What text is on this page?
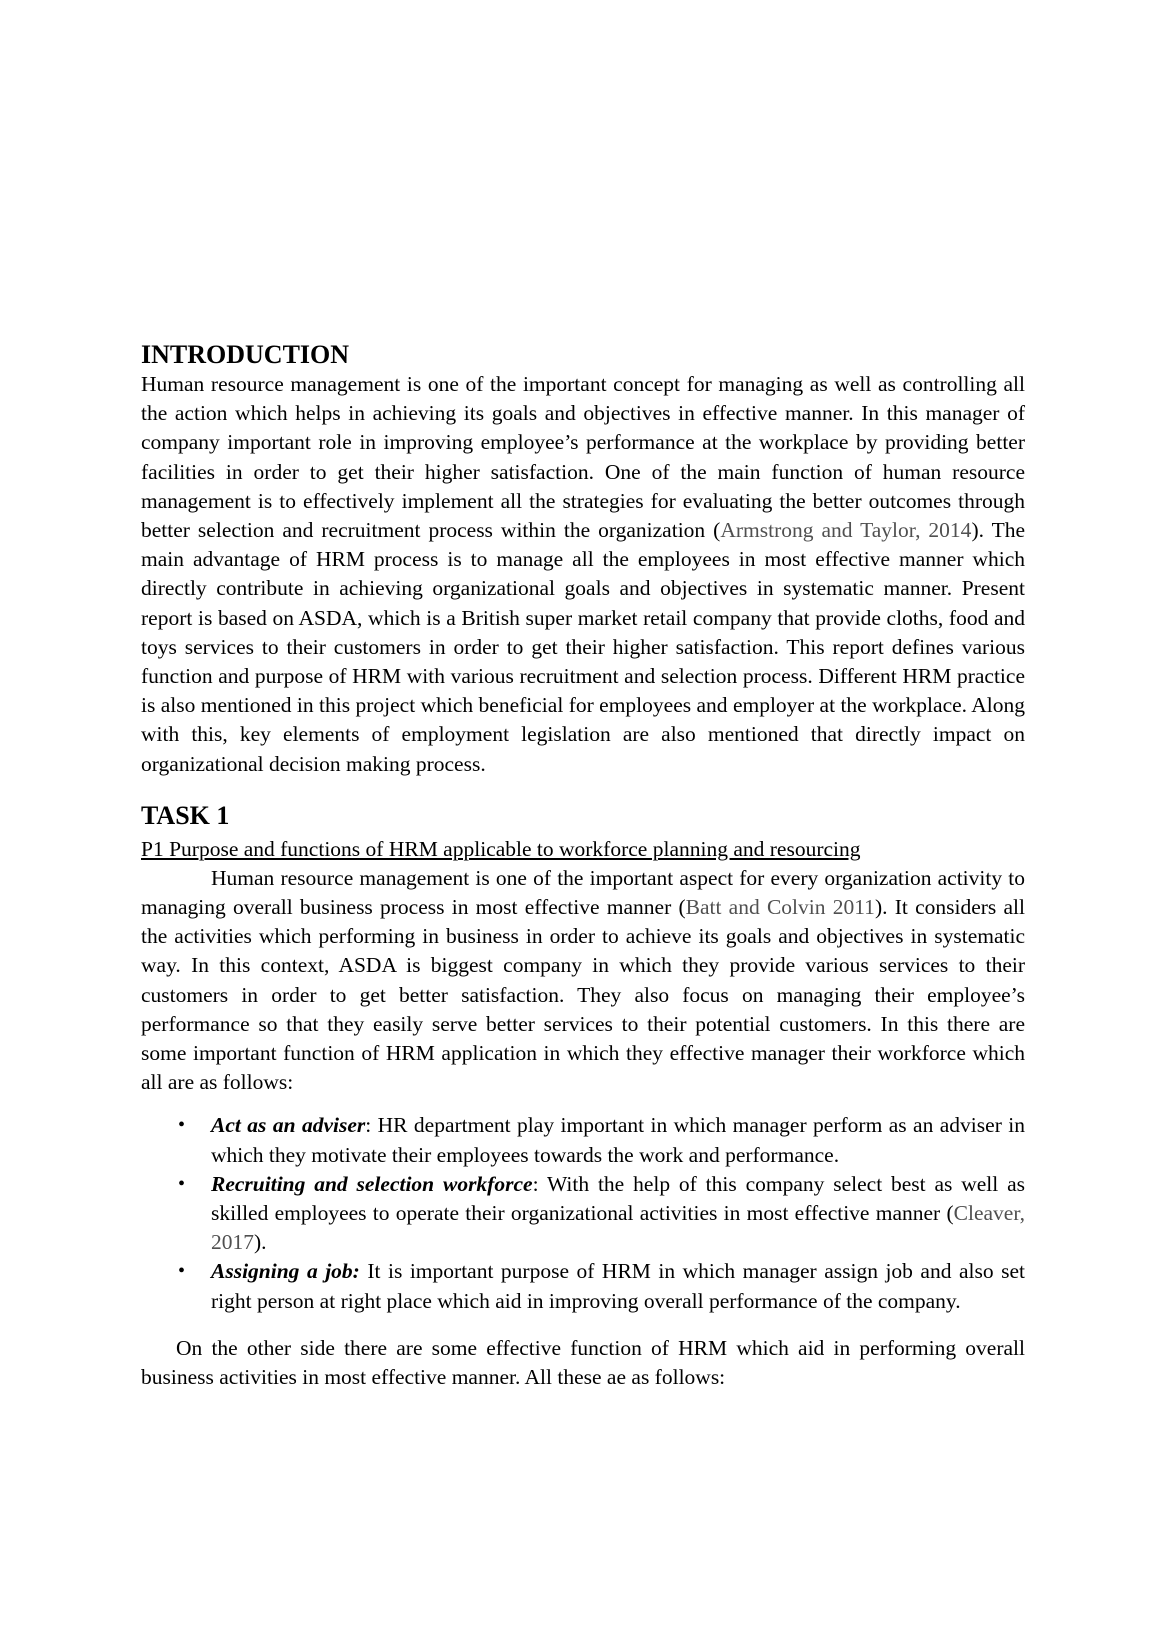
INTRODUCTION

Human resource management is one of the important concept for managing as well as controlling all the action which helps in achieving its goals and objectives in effective manner. In this manager of company important role in improving employee’s performance at the workplace by providing better facilities in order to get their higher satisfaction. One of the main function of human resource management is to effectively implement all the strategies for evaluating the better outcomes through better selection and recruitment process within the organization (Armstrong and Taylor, 2014). The main advantage of HRM process is to manage all the employees in most effective manner which directly contribute in achieving organizational goals and objectives in systematic manner. Present report is based on ASDA, which is a British super market retail company that provide cloths, food and toys services to their customers in order to get their higher satisfaction. This report defines various function and purpose of HRM with various recruitment and selection process. Different HRM practice is also mentioned in this project which beneficial for employees and employer at the workplace. Along with this, key elements of employment legislation are also mentioned that directly impact on organizational decision making process.

TASK 1

P1 Purpose and functions of HRM applicable to workforce planning and resourcing

Human resource management is one of the important aspect for every organization activity to managing overall business process in most effective manner (Batt and Colvin 2011). It considers all the activities which performing in business in order to achieve its goals and objectives in systematic way. In this context, ASDA is biggest company in which they provide various services to their customers in order to get better satisfaction. They also focus on managing their employee’s performance so that they easily serve better services to their potential customers. In this there are some important function of HRM application in which they effective manager their workforce which all are as follows:

• Act as an adviser: HR department play important in which manager perform as an adviser in which they motivate their employees towards the work and performance.
• Recruiting and selection workforce: With the help of this company select best as well as skilled employees to operate their organizational activities in most effective manner (Cleaver, 2017).
• Assigning a job: It is important purpose of HRM in which manager assign job and also set right person at right place which aid in improving overall performance of the company.

On the other side there are some effective function of HRM which aid in performing overall business activities in most effective manner. All these ae as follows:
